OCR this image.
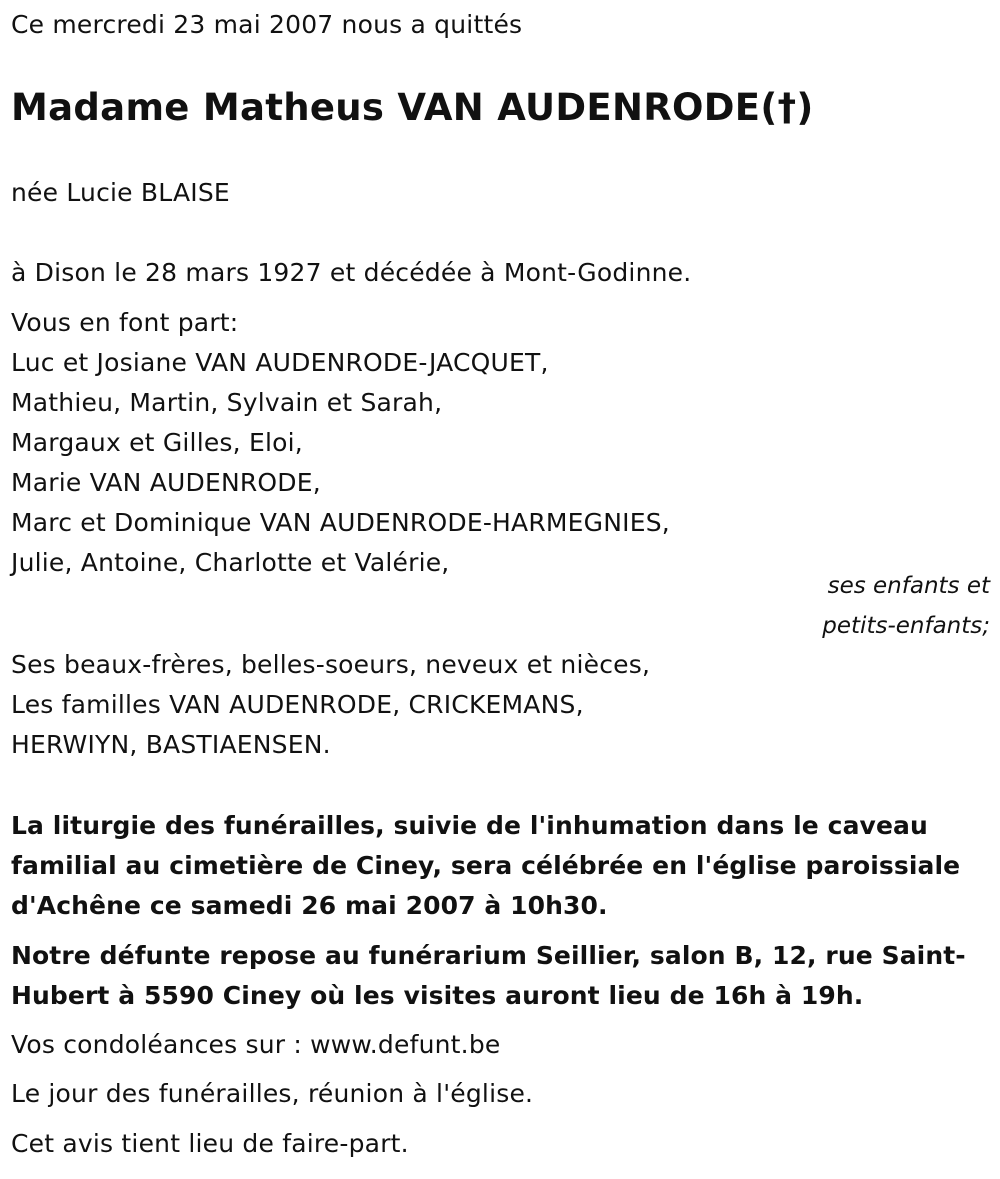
Ce mercredi 23 mai 2007 nous a quittés
Madame Matheus VAN AUDENRODE(†)
née Lucie BLAISE
à Dison le 28 mars 1927 et décédée à Mont-Godinne.
Vous en font part:
Luc et Josiane VAN AUDENRODE-JACQUET,
Mathieu, Martin, Sylvain et Sarah,
Margaux et Gilles, Eloi,
Marie VAN AUDENRODE,
Marc et Dominique VAN AUDENRODE-HARMEGNIES,
Julie, Antoine, Charlotte et Valérie,
ses enfants et
petits-enfants;
Ses beaux-frères, belles-soeurs, neveux et nièces,
Les familles VAN AUDENRODE, CRICKEMANS,
HERWIYN, BASTIAENSEN.
La liturgie des funérailles, suivie de l'inhumation dans le caveau
familial au cimetière de Ciney, sera célébrée en l'église paroissiale
d'Achêne ce samedi 26 mai 2007 à 10h30.
Notre défunte repose au funérarium Seillier, salon B, 12, rue Saint-
Hubert à 5590 Ciney où les visites auront lieu de 16h à 19h.
Vos condoléances sur : www.defunt.be
Le jour des funérailles, réunion à l'église.
Cet avis tient lieu de faire-part.
